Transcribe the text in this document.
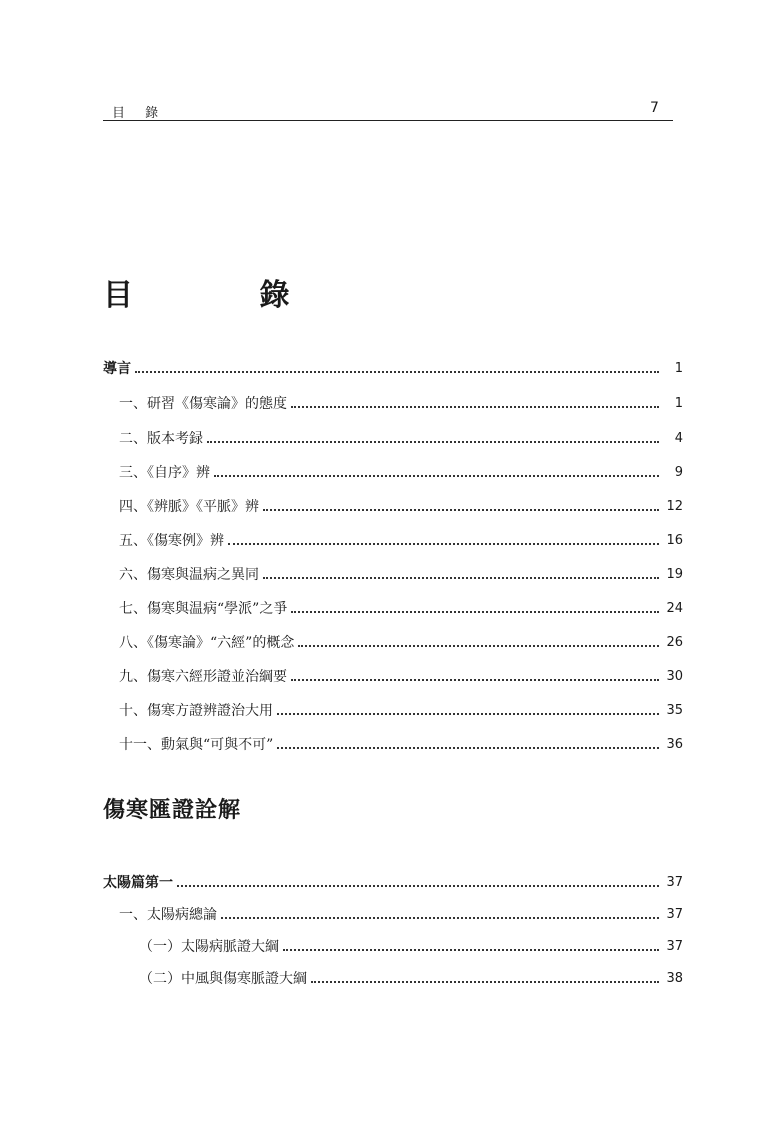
目 錄	7
目 錄
導言	1
一、研習《傷寒論》的態度	1
二、版本考録	4
三、《自序》辨	9
四、《辨脈》《平脈》辨	12
五、《傷寒例》辨	16
六、傷寒與温病之異同	19
七、傷寒與温病“學派”之爭	24
八、《傷寒論》“六經”的概念	26
九、傷寒六經形證並治綱要	30
十、傷寒方證辨證治大用	35
十一、動氣與“可與不可”	36
傷寒匯證詮解
太陽篇第一	37
一、太陽病總論	37
（一）太陽病脈證大綱	37
（二）中風與傷寒脈證大綱	38
